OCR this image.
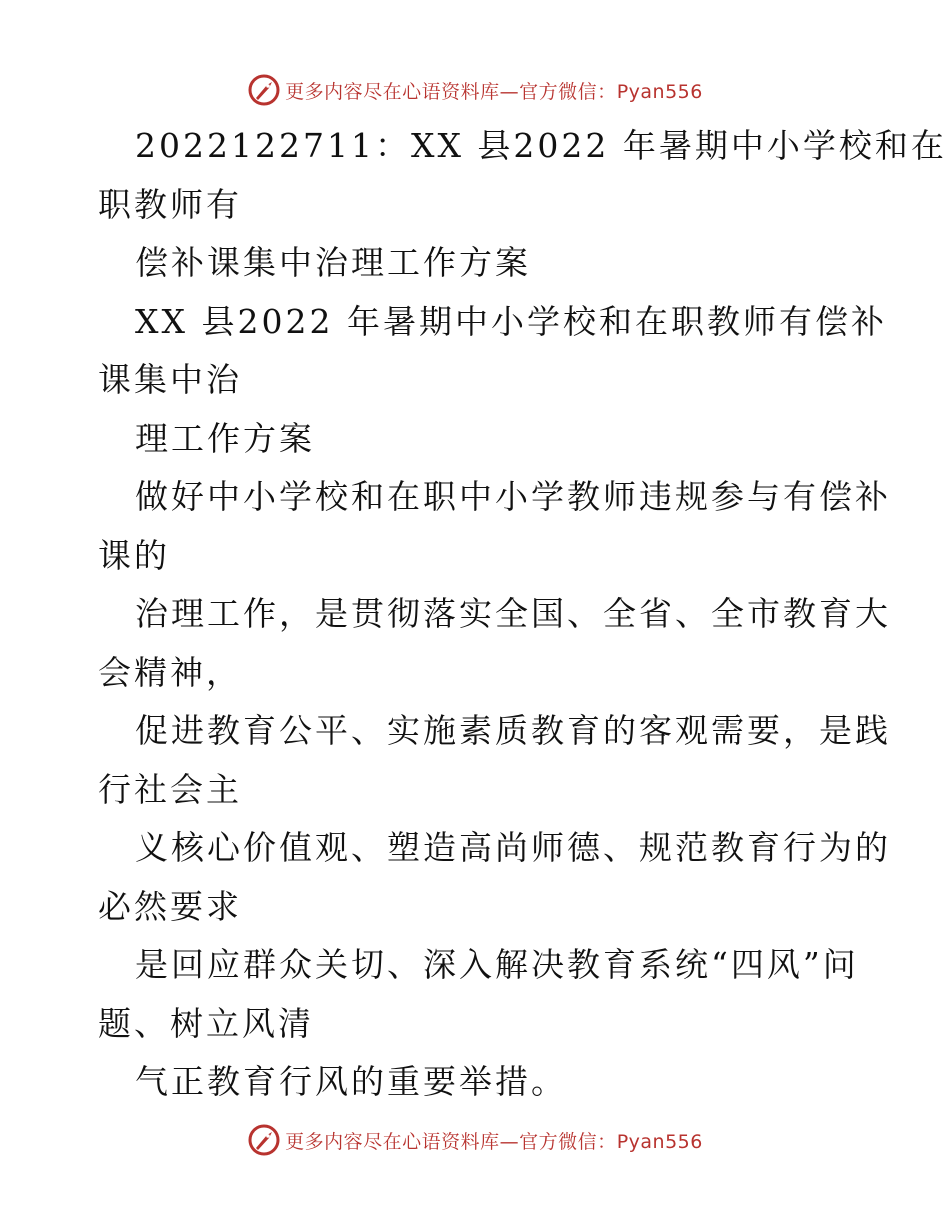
更多内容尽在心语资料库—官方微信：Pyan556
2022122711：XX 县2022 年暑期中小学校和在
职教师有
偿补课集中治理工作方案
XX 县2022 年暑期中小学校和在职教师有偿补
课集中治
理工作方案
做好中小学校和在职中小学教师违规参与有偿补
课的
治理工作，是贯彻落实全国、全省、全市教育大
会精神，
促进教育公平、实施素质教育的客观需要，是践
行社会主
义核心价值观、塑造高尚师德、规范教育行为的
必然要求
是回应群众关切、深入解决教育系统“四风”问
题、树立风清
气正教育行风的重要举措。
更多内容尽在心语资料库—官方微信：Pyan556
